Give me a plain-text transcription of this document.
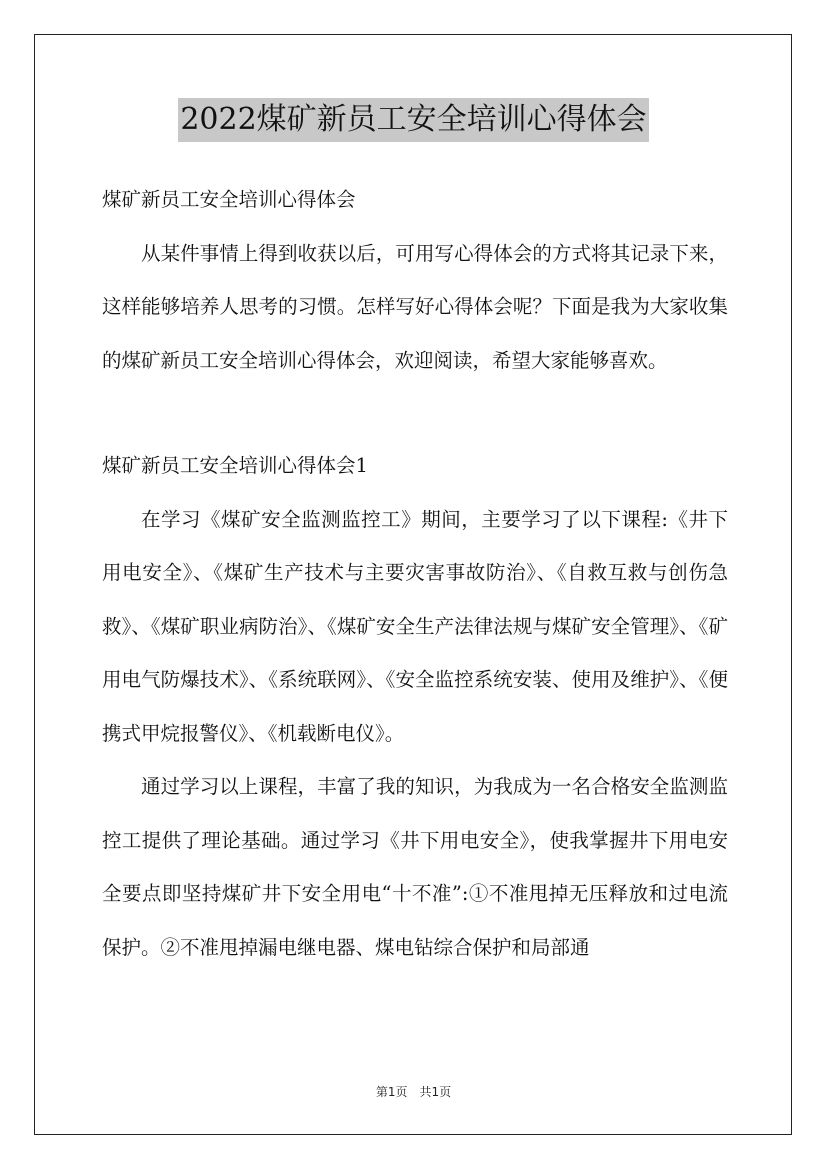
2022煤矿新员工安全培训心得体会

煤矿新员工安全培训心得体会

从某件事情上得到收获以后，可用写心得体会的方式将其记录下来，这样能够培养人思考的习惯。怎样写好心得体会呢？下面是我为大家收集的煤矿新员工安全培训心得体会，欢迎阅读，希望大家能够喜欢。

煤矿新员工安全培训心得体会1

在学习《煤矿安全监测监控工》期间，主要学习了以下课程:《井下用电安全》、《煤矿生产技术与主要灾害事故防治》、《自救互救与创伤急救》、《煤矿职业病防治》、《煤矿安全生产法律法规与煤矿安全管理》、《矿用电气防爆技术》、《系统联网》、《安全监控系统安装、使用及维护》、《便携式甲烷报警仪》、《机载断电仪》。

通过学习以上课程，丰富了我的知识，为我成为一名合格安全监测监控工提供了理论基础。通过学习《井下用电安全》，使我掌握井下用电安全要点即坚持煤矿井下安全用电“十不准”:①不准甩掉无压释放和过电流保护。②不准甩掉漏电继电器、煤电钻综合保护和局部通

第1页　共1页
